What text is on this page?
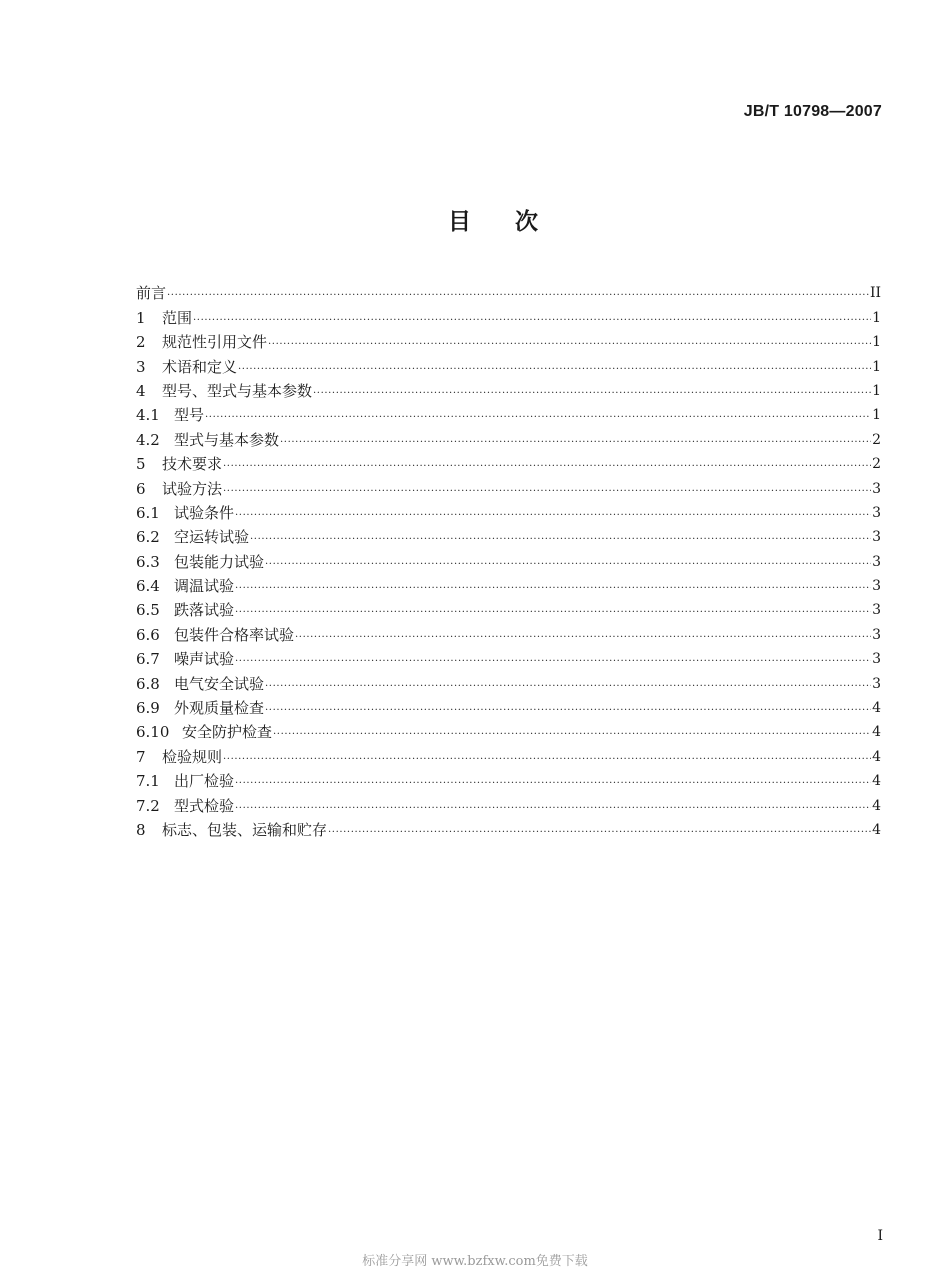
JB/T 10798—2007
目次
前言 .....	II
1	范围 .....	1
2	规范性引用文件 .....	1
3	术语和定义 .....	1
4	型号、型式与基本参数 .....	1
4.1 型号 .....	1
4.2 型式与基本参数 .....	2
5	技术要求 .....	2
6	试验方法 .....	3
6.1 试验条件 .....	3
6.2 空运转试验 .....	3
6.3 包装能力试验 .....	3
6.4 调温试验 .....	3
6.5 跌落试验 .....	3
6.6 包装件合格率试验 .....	3
6.7 噪声试验 .....	3
6.8 电气安全试验 .....	3
6.9 外观质量检查 .....	4
6.10 安全防护检查 .....	4
7	检验规则 .....	4
7.1 出厂检验 .....	4
7.2 型式检验 .....	4
8	标志、包装、运输和贮存 .....	4
I
标准分享网 www.bzfxw.com免费下载
